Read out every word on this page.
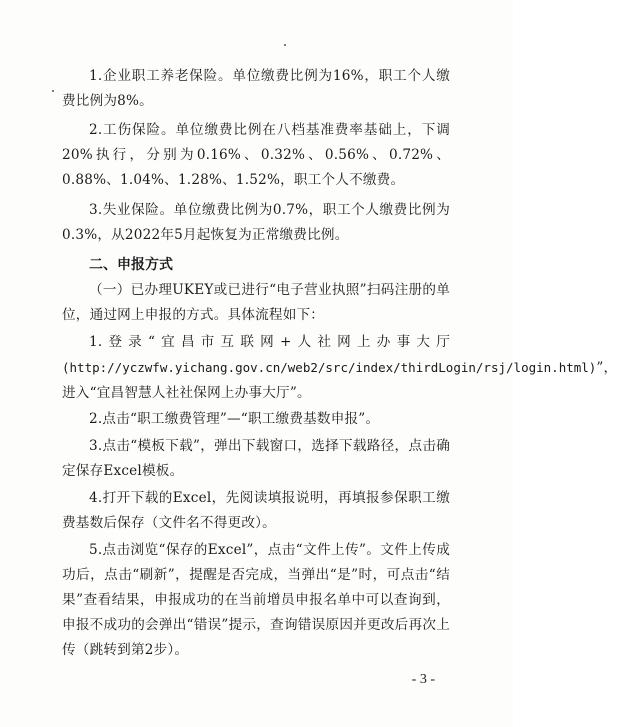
1.企业职工养老保险。单位缴费比例为16%，职工个人缴费比例为8%。

2.工伤保险。单位缴费比例在八档基准费率基础上，下调20%执行，分别为0.16%、0.32%、0.56%、0.72%、0.88%、1.04%、1.28%、1.52%，职工个人不缴费。

3.失业保险。单位缴费比例为0.7%，职工个人缴费比例为0.3%，从2022年5月起恢复为正常缴费比例。

二、申报方式

（一）已办理UKEY或已进行“电子营业执照”扫码注册的单位，通过网上申报的方式。具体流程如下：

1.登录“宜昌市互联网+人社网上办事大厅(http://yczwfw.yichang.gov.cn/web2/src/index/thirdLogin/rsj/login.html)”，进入“宜昌智慧人社社保网上办事大厅”。

2.点击“职工缴费管理”—“职工缴费基数申报”。

3.点击“模板下载”，弹出下载窗口，选择下载路径，点击确定保存Excel模板。

4.打开下载的Excel，先阅读填报说明，再填报参保职工缴费基数后保存（文件名不得更改）。

5.点击浏览“保存的Excel”，点击“文件上传”。文件上传成功后，点击“刷新”，提醒是否完成，当弹出“是”时，可点击“结果”查看结果，申报成功的在当前增员申报名单中可以查询到，申报不成功的会弹出“错误”提示，查询错误原因并更改后再次上传（跳转到第2步）。

- 3 -
